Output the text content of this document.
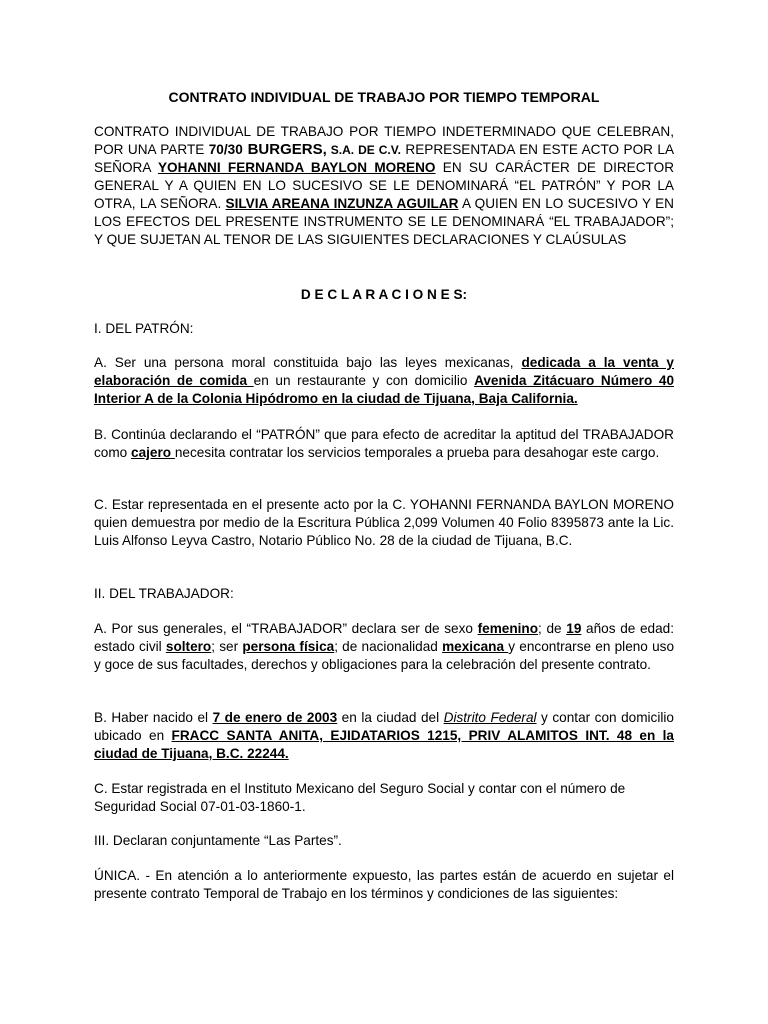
CONTRATO INDIVIDUAL DE TRABAJO POR TIEMPO TEMPORAL

CONTRATO INDIVIDUAL DE TRABAJO POR TIEMPO INDETERMINADO QUE CELEBRAN, POR UNA PARTE 70/30 BURGERS, S.A. DE C.V. REPRESENTADA EN ESTE ACTO POR LA SEÑORA YOHANNI FERNANDA BAYLON MORENO EN SU CARÁCTER DE DIRECTOR GENERAL Y A QUIEN EN LO SUCESIVO SE LE DENOMINARÁ “EL PATRÓN” Y POR LA OTRA, LA SEÑORA. SILVIA AREANA INZUNZA AGUILAR A QUIEN EN LO SUCESIVO Y EN LOS EFECTOS DEL PRESENTE INSTRUMENTO SE LE DENOMINARÁ “EL TRABAJADOR”; Y QUE SUJETAN AL TENOR DE LAS SIGUIENTES DECLARACIONES Y CLAÚSULAS

D E C L A R A C I O N E S:

I. DEL PATRÓN:

A. Ser una persona moral constituida bajo las leyes mexicanas, dedicada a la venta y elaboración de comida en un restaurante y con domicilio Avenida Zitácuaro Número 40 Interior A de la Colonia Hipódromo en la ciudad de Tijuana, Baja California.

B. Continúa declarando el “PATRÓN” que para efecto de acreditar la aptitud del TRABAJADOR como cajero necesita contratar los servicios temporales a prueba para desahogar este cargo.

C. Estar representada en el presente acto por la C. YOHANNI FERNANDA BAYLON MORENO quien demuestra por medio de la Escritura Pública 2,099 Volumen 40 Folio 8395873 ante la Lic. Luis Alfonso Leyva Castro, Notario Público No. 28 de la ciudad de Tijuana, B.C.

II. DEL TRABAJADOR:

A. Por sus generales, el “TRABAJADOR” declara ser de sexo femenino; de 19 años de edad: estado civil soltero; ser persona física; de nacionalidad mexicana y encontrarse en pleno uso y goce de sus facultades, derechos y obligaciones para la celebración del presente contrato.

B. Haber nacido el 7 de enero de 2003 en la ciudad del Distrito Federal y contar con domicilio ubicado en FRACC SANTA ANITA, EJIDATARIOS 1215, PRIV ALAMITOS INT. 48 en la ciudad de Tijuana, B.C. 22244.

C. Estar registrada en el Instituto Mexicano del Seguro Social y contar con el número de Seguridad Social 07-01-03-1860-1.

III. Declaran conjuntamente “Las Partes”.

ÚNICA. - En atención a lo anteriormente expuesto, las partes están de acuerdo en sujetar el presente contrato Temporal de Trabajo en los términos y condiciones de las siguientes:
